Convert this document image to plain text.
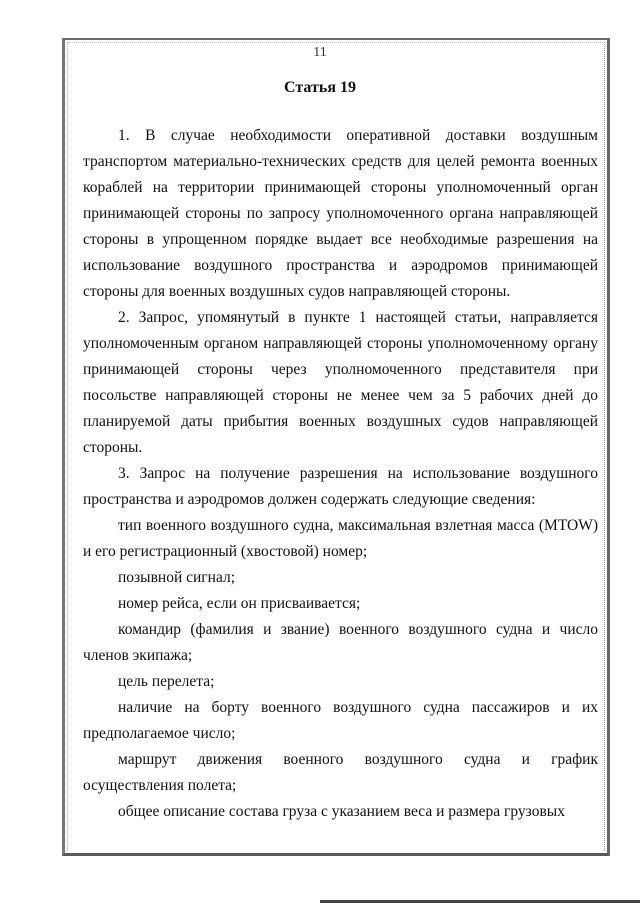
11
Статья 19

1. В случае необходимости оперативной доставки воздушным транспортом материально-технических средств для целей ремонта военных кораблей на территории принимающей стороны уполномоченный орган принимающей стороны по запросу уполномоченного органа направляющей стороны в упрощенном порядке выдает все необходимые разрешения на использование воздушного пространства и аэродромов принимающей стороны для военных воздушных судов направляющей стороны.

2. Запрос, упомянутый в пункте 1 настоящей статьи, направляется уполномоченным органом направляющей стороны уполномоченному органу принимающей стороны через уполномоченного представителя при посольстве направляющей стороны не менее чем за 5 рабочих дней до планируемой даты прибытия военных воздушных судов направляющей стороны.

3. Запрос на получение разрешения на использование воздушного пространства и аэродромов должен содержать следующие сведения:

тип военного воздушного судна, максимальная взлетная масса (MTOW) и его регистрационный (хвостовой) номер;

позывной сигнал;

номер рейса, если он присваивается;

командир (фамилия и звание) военного воздушного судна и число членов экипажа;

цель перелета;

наличие на борту военного воздушного судна пассажиров и их предполагаемое число;

маршрут движения военного воздушного судна и график осуществления полета;

общее описание состава груза с указанием веса и размера грузовых
